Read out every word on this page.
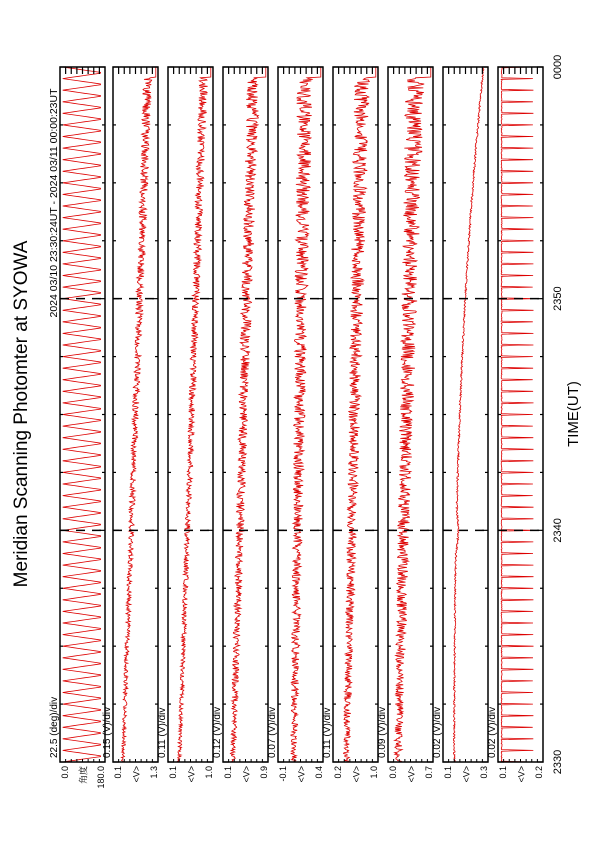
Meridian Scanning Photomter at SYOWA
2024 03/10 23:30:24UT - 2024 03/11 00:00:23UT
TIME(UT)
22.5 (deg)/div
180.0
角度
0.0
0.15 (V)/div
1.3
<V>
0.1
0.11 (V)/div
1.0
<V>
0.1
0.12 (V)/div
0.9
<V>
0.1
0.07 (V)/div
0.4
<V>
-0.1
0.11 (V)/div
1.0
<V>
0.2
0.09 (V)/div
0.7
<V>
0.0
0.02 (V)/div
0.3
<V>
0.1
0.02 (V)/div
0.2
<V>
0.1	2330
2340
2350
0000
